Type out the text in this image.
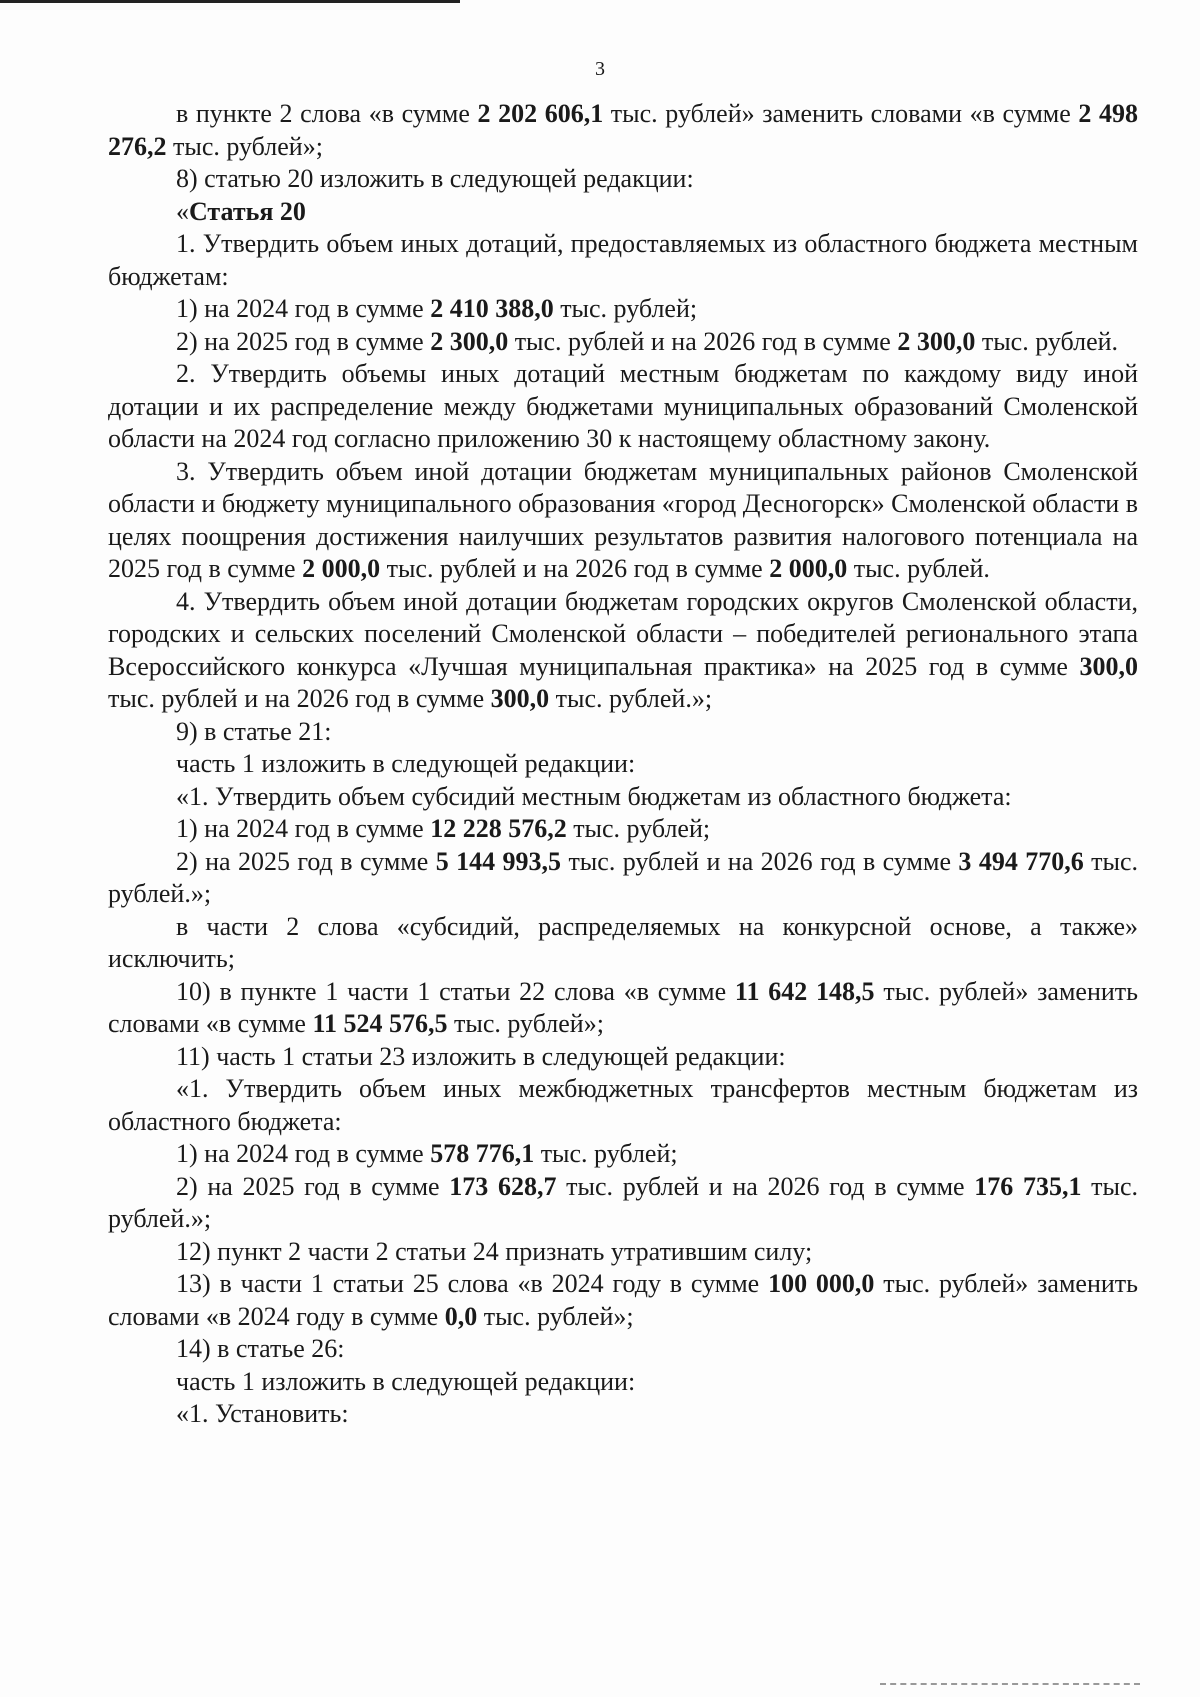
3

в пункте 2 слова «в сумме 2 202 606,1 тыс. рублей» заменить словами «в сумме 2 498 276,2 тыс. рублей»;

8) статью 20 изложить в следующей редакции:

«Статья 20

1. Утвердить объем иных дотаций, предоставляемых из областного бюджета местным бюджетам:

1) на 2024 год в сумме 2 410 388,0 тыс. рублей;

2) на 2025 год в сумме 2 300,0 тыс. рублей и на 2026 год в сумме 2 300,0 тыс. рублей.

2. Утвердить объемы иных дотаций местным бюджетам по каждому виду иной дотации и их распределение между бюджетами муниципальных образований Смоленской области на 2024 год согласно приложению 30 к настоящему областному закону.

3. Утвердить объем иной дотации бюджетам муниципальных районов Смоленской области и бюджету муниципального образования «город Десногорск» Смоленской области в целях поощрения достижения наилучших результатов развития налогового потенциала на 2025 год в сумме 2 000,0 тыс. рублей и на 2026 год в сумме 2 000,0 тыс. рублей.

4. Утвердить объем иной дотации бюджетам городских округов Смоленской области, городских и сельских поселений Смоленской области – победителей регионального этапа Всероссийского конкурса «Лучшая муниципальная практика» на 2025 год в сумме 300,0 тыс. рублей и на 2026 год в сумме 300,0 тыс. рублей.»;

9) в статье 21:

часть 1 изложить в следующей редакции:

«1. Утвердить объем субсидий местным бюджетам из областного бюджета:

1) на 2024 год в сумме 12 228 576,2 тыс. рублей;

2) на 2025 год в сумме 5 144 993,5 тыс. рублей и на 2026 год в сумме 3 494 770,6 тыс. рублей.»;

в части 2 слова «субсидий, распределяемых на конкурсной основе, а также» исключить;

10) в пункте 1 части 1 статьи 22 слова «в сумме 11 642 148,5 тыс. рублей» заменить словами «в сумме 11 524 576,5 тыс. рублей»;

11) часть 1 статьи 23 изложить в следующей редакции:

«1. Утвердить объем иных межбюджетных трансфертов местным бюджетам из областного бюджета:

1) на 2024 год в сумме 578 776,1 тыс. рублей;

2) на 2025 год в сумме 173 628,7 тыс. рублей и на 2026 год в сумме 176 735,1 тыс. рублей.»;

12) пункт 2 части 2 статьи 24 признать утратившим силу;

13) в части 1 статьи 25 слова «в 2024 году в сумме 100 000,0 тыс. рублей» заменить словами «в 2024 году в сумме 0,0 тыс. рублей»;

14) в статье 26:

часть 1 изложить в следующей редакции:

«1. Установить:
